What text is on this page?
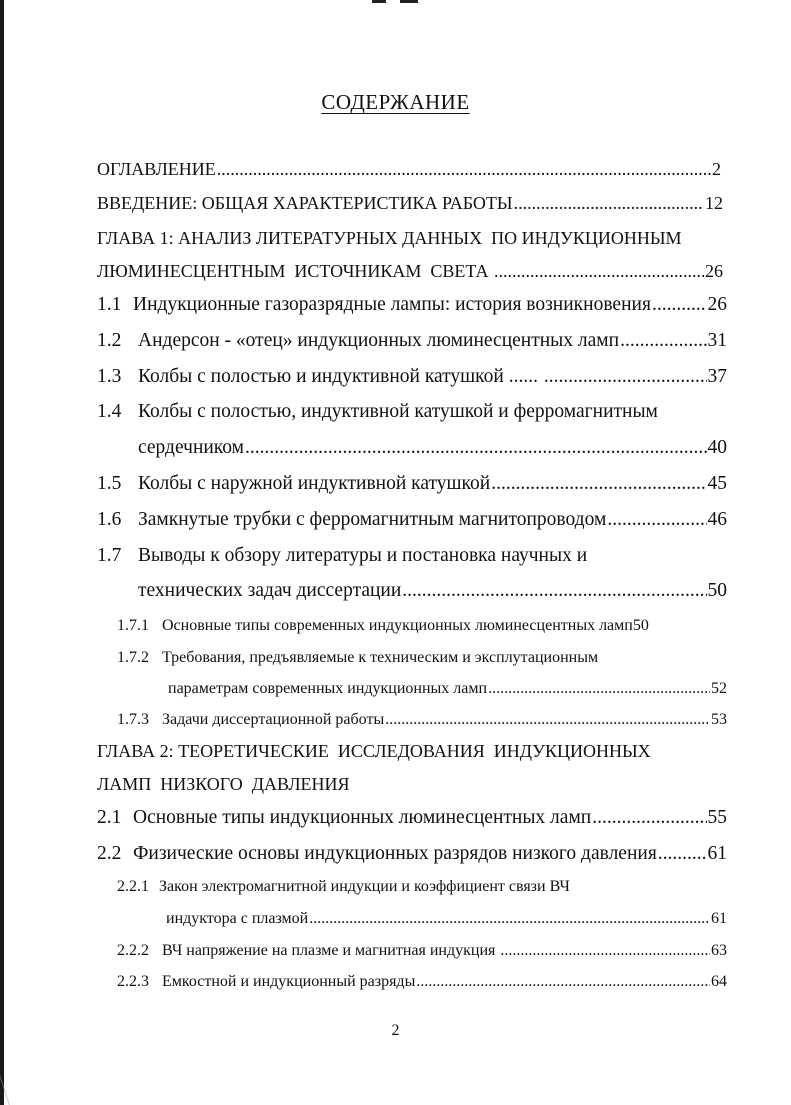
СОДЕРЖАНИЕ
ОГЛАВЛЕНИЕ .....	2
ВВЕДЕНИЕ: ОБЩАЯ ХАРАКТЕРИСТИКА РАБОТЫ .....	12
ГЛАВА 1: АНАЛИЗ ЛИТЕРАТУРНЫХ ДАННЫХ  ПО ИНДУКЦИОННЫМ
ЛЮМИНЕСЦЕНТНЫМ  ИСТОЧНИКАМ  СВЕТА .....	26
1.1 Индукционные газоразрядные лампы: история возникновения .....	26
1.2 Андерсон - «отец» индукционных люминесцентных ламп .....	31
1.3 Колбы с полостью и индуктивной катушкой ...... .....	37
1.4 Колбы с полостью, индуктивной катушкой и ферромагнитным
сердечником .....	40
1.5 Колбы с наружной индуктивной катушкой .....	45
1.6 Замкнутые трубки с ферромагнитным магнитопроводом .....	46
1.7 Выводы к обзору литературы и постановка научных и
технических задач диссертации .....	50
1.7.1 Основные типы современных индукционных люминесцентных ламп 50
1.7.2 Требования, предъявляемые к техническим и эксплутационным
параметрам современных индукционных ламп .....	52
1.7.3 Задачи диссертационной работы .....	53
ГЛАВА 2: ТЕОРЕТИЧЕСКИЕ  ИССЛЕДОВАНИЯ  ИНДУКЦИОННЫХ
ЛАМП  НИЗКОГО  ДАВЛЕНИЯ
2.1 Основные типы индукционных люминесцентных ламп .....	55
2.2 Физические основы индукционных разрядов низкого давления .....	61
2.2.1 Закон электромагнитной индукции и коэффициент связи ВЧ
индуктора с плазмой .....	61
2.2.2 ВЧ напряжение на плазме и магнитная индукция .....	63
2.2.3 Емкостной и индукционный разряды .....	64
2
